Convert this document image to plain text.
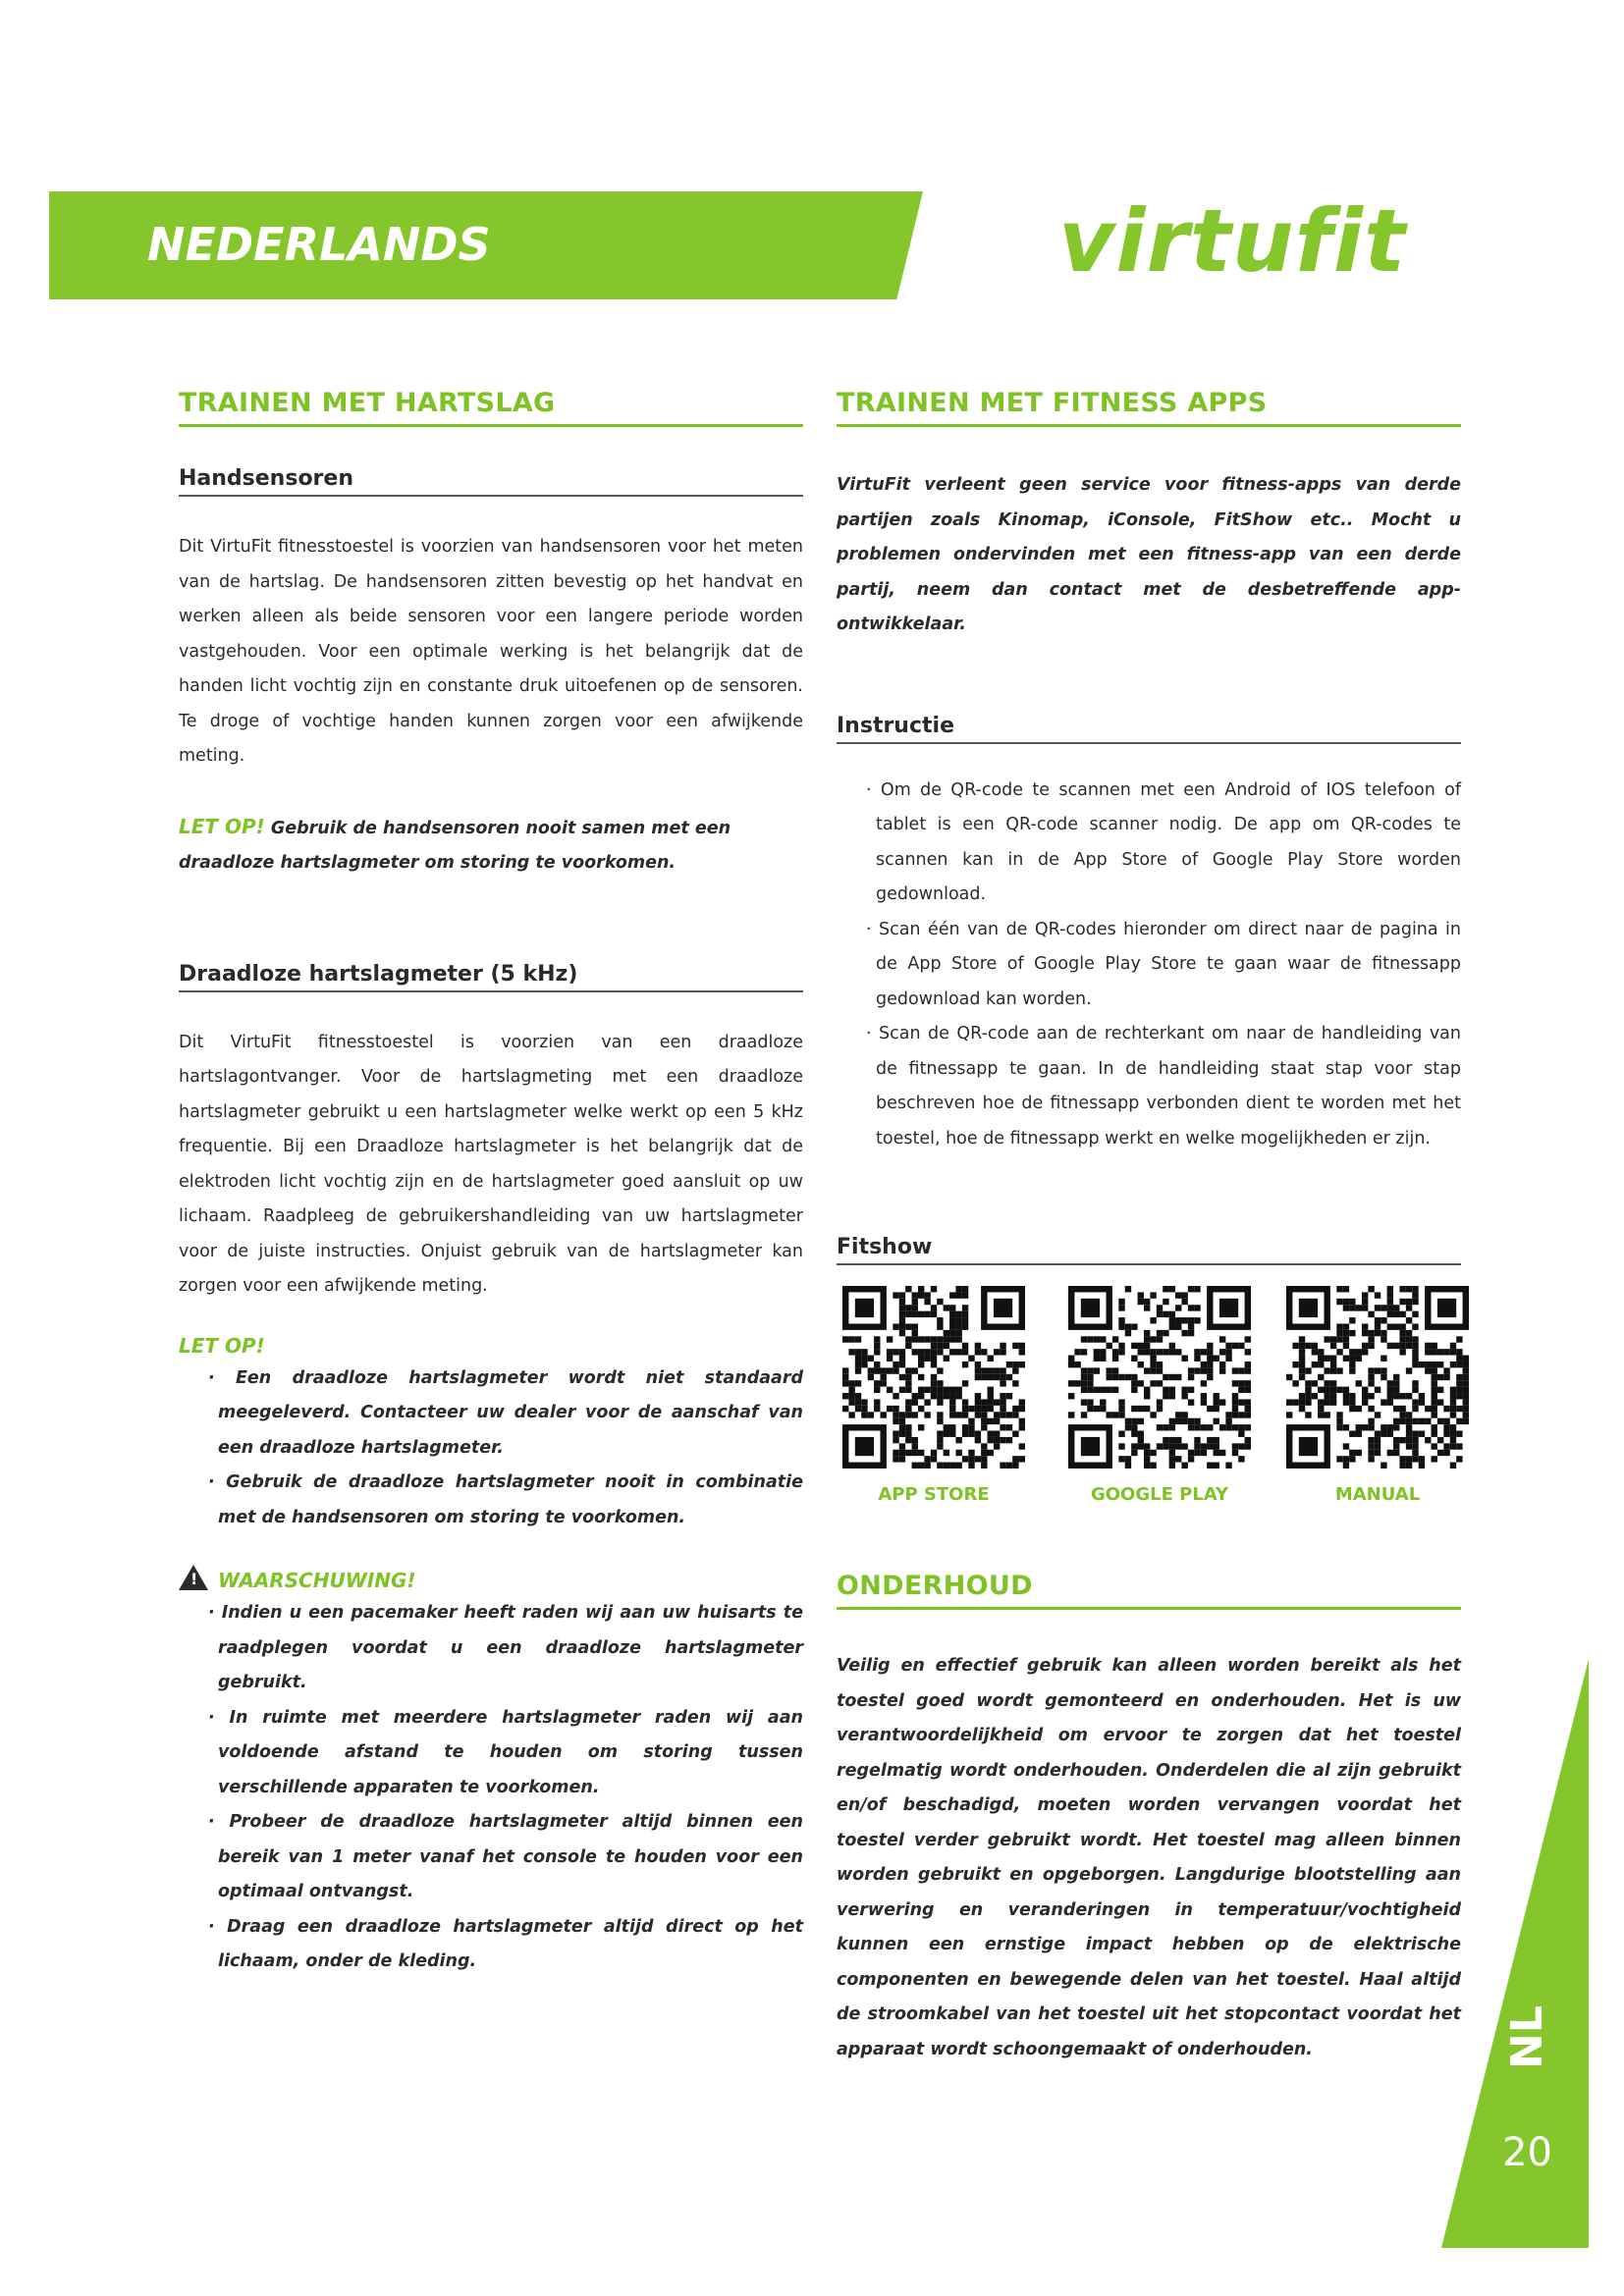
NEDERLANDS	virtufit
TRAINEN MET HARTSLAG
Handsensoren

Dit VirtuFit fitnesstoestel is voorzien van handsensoren voor het meten van de hartslag. De handsensoren zitten bevestig op het handvat en werken alleen als beide sensoren voor een langere periode worden vastgehouden. Voor een optimale werking is het belangrijk dat de handen licht vochtig zijn en constante druk uitoefenen op de sensoren. Te droge of vochtige handen kunnen zorgen voor een afwijkende meting.

LET OP! Gebruik de handsensoren nooit samen met een draadloze hartslagmeter om storing te voorkomen.

Draadloze hartslagmeter (5 kHz)

Dit VirtuFit fitnesstoestel is voorzien van een draadloze hartslagontvanger. Voor de hartslagmeting met een draadloze hartslagmeter gebruikt u een hartslagmeter welke werkt op een 5 kHz frequentie. Bij een Draadloze hartslagmeter is het belangrijk dat de elektroden licht vochtig zijn en de hartslagmeter goed aansluit op uw lichaam. Raadpleeg de gebruikershandleiding van uw hartslagmeter voor de juiste instructies. Onjuist gebruik van de hartslagmeter kan zorgen voor een afwijkende meting.

LET OP!

· Een draadloze hartslagmeter wordt niet standaard meegeleverd. Contacteer uw dealer voor de aanschaf van een draadloze hartslagmeter.

· Gebruik de draadloze hartslagmeter nooit in combinatie met de handsensoren om storing te voorkomen.

! WAARSCHUWING!

· Indien u een pacemaker heeft raden wij aan uw huisarts te raadplegen voordat u een draadloze hartslagmeter gebruikt.

· In ruimte met meerdere hartslagmeter raden wij aan voldoende afstand te houden om storing tussen verschillende apparaten te voorkomen.

· Probeer de draadloze hartslagmeter altijd binnen een bereik van 1 meter vanaf het console te houden voor een optimaal ontvangst.

· Draag een draadloze hartslagmeter altijd direct op het lichaam, onder de kleding.

TRAINEN MET FITNESS APPS

VirtuFit verleent geen service voor fitness-apps van derde partijen zoals Kinomap, iConsole, FitShow etc.. Mocht u problemen ondervinden met een fitness-app van een derde partij, neem dan contact met de desbetreffende app-ontwikkelaar.

Instructie

· Om de QR-code te scannen met een Android of IOS telefoon of tablet is een QR-code scanner nodig. De app om QR-codes te scannen kan in de App Store of Google Play Store worden gedownload.

· Scan één van de QR-codes hieronder om direct naar de pagina in de App Store of Google Play Store te gaan waar de fitnessapp gedownload kan worden.

· Scan de QR-code aan de rechterkant om naar de handleiding van de fitnessapp te gaan. In de handleiding staat stap voor stap beschreven hoe de fitnessapp verbonden dient te worden met het toestel, hoe de fitnessapp werkt en welke mogelijkheden er zijn.

Fitshow
APP STORE	GOOGLE PLAY	MANUAL
ONDERHOUD

Veilig en effectief gebruik kan alleen worden bereikt als het toestel goed wordt gemonteerd en onderhouden. Het is uw verantwoordelijkheid om ervoor te zorgen dat het toestel regelmatig wordt onderhouden. Onderdelen die al zijn gebruikt en/of beschadigd, moeten worden vervangen voordat het toestel verder gebruikt wordt. Het toestel mag alleen binnen worden gebruikt en opgeborgen. Langdurige blootstelling aan verwering en veranderingen in temperatuur/vochtigheid kunnen een ernstige impact hebben op de elektrische componenten en bewegende delen van het toestel. Haal altijd de stroomkabel van het toestel uit het stopcontact voordat het apparaat wordt schoongemaakt of onderhouden.	NL
20
